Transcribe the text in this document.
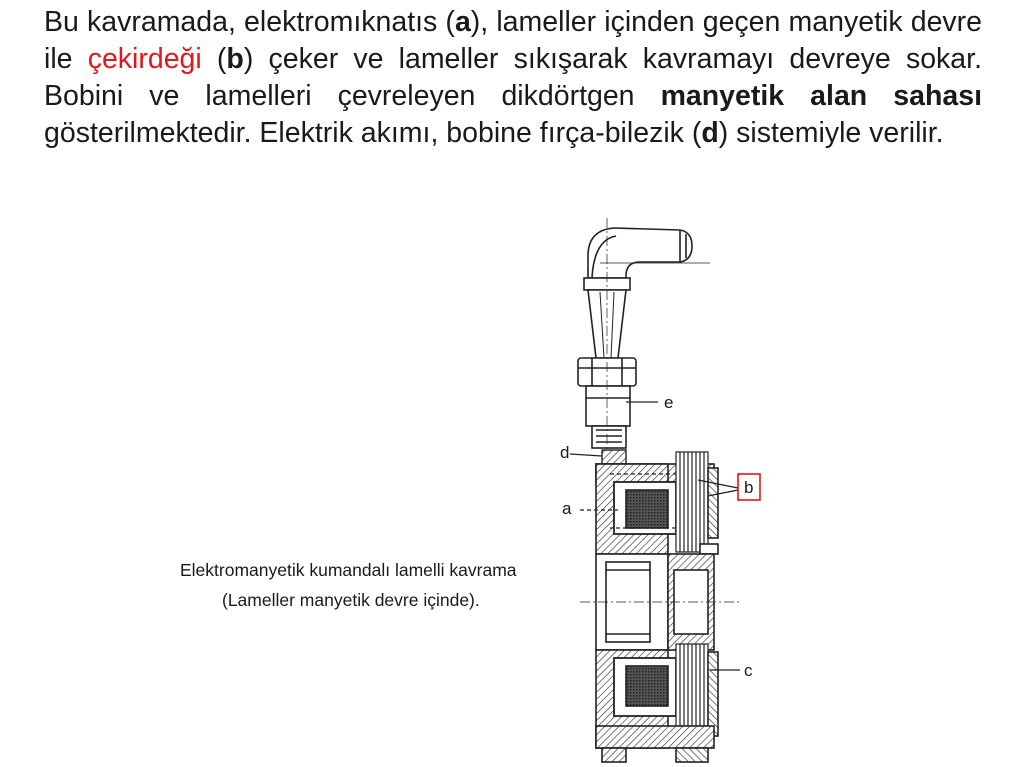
Bu kavramada, elektromıknatıs (a), lameller içinden geçen manyetik devre ile çekirdeği (b) çeker ve lameller sıkışarak kavramayı devreye sokar. Bobini ve lamelleri çevreleyen dikdörtgen manyetik alan sahası gösterilmektedir. Elektrik akımı, bobine fırça-bilezik (d) sistemiyle verilir.

Elektromanyetik kumandalı lamelli kavrama
(Lameller manyetik devre içinde).
e
d
a
b
c
